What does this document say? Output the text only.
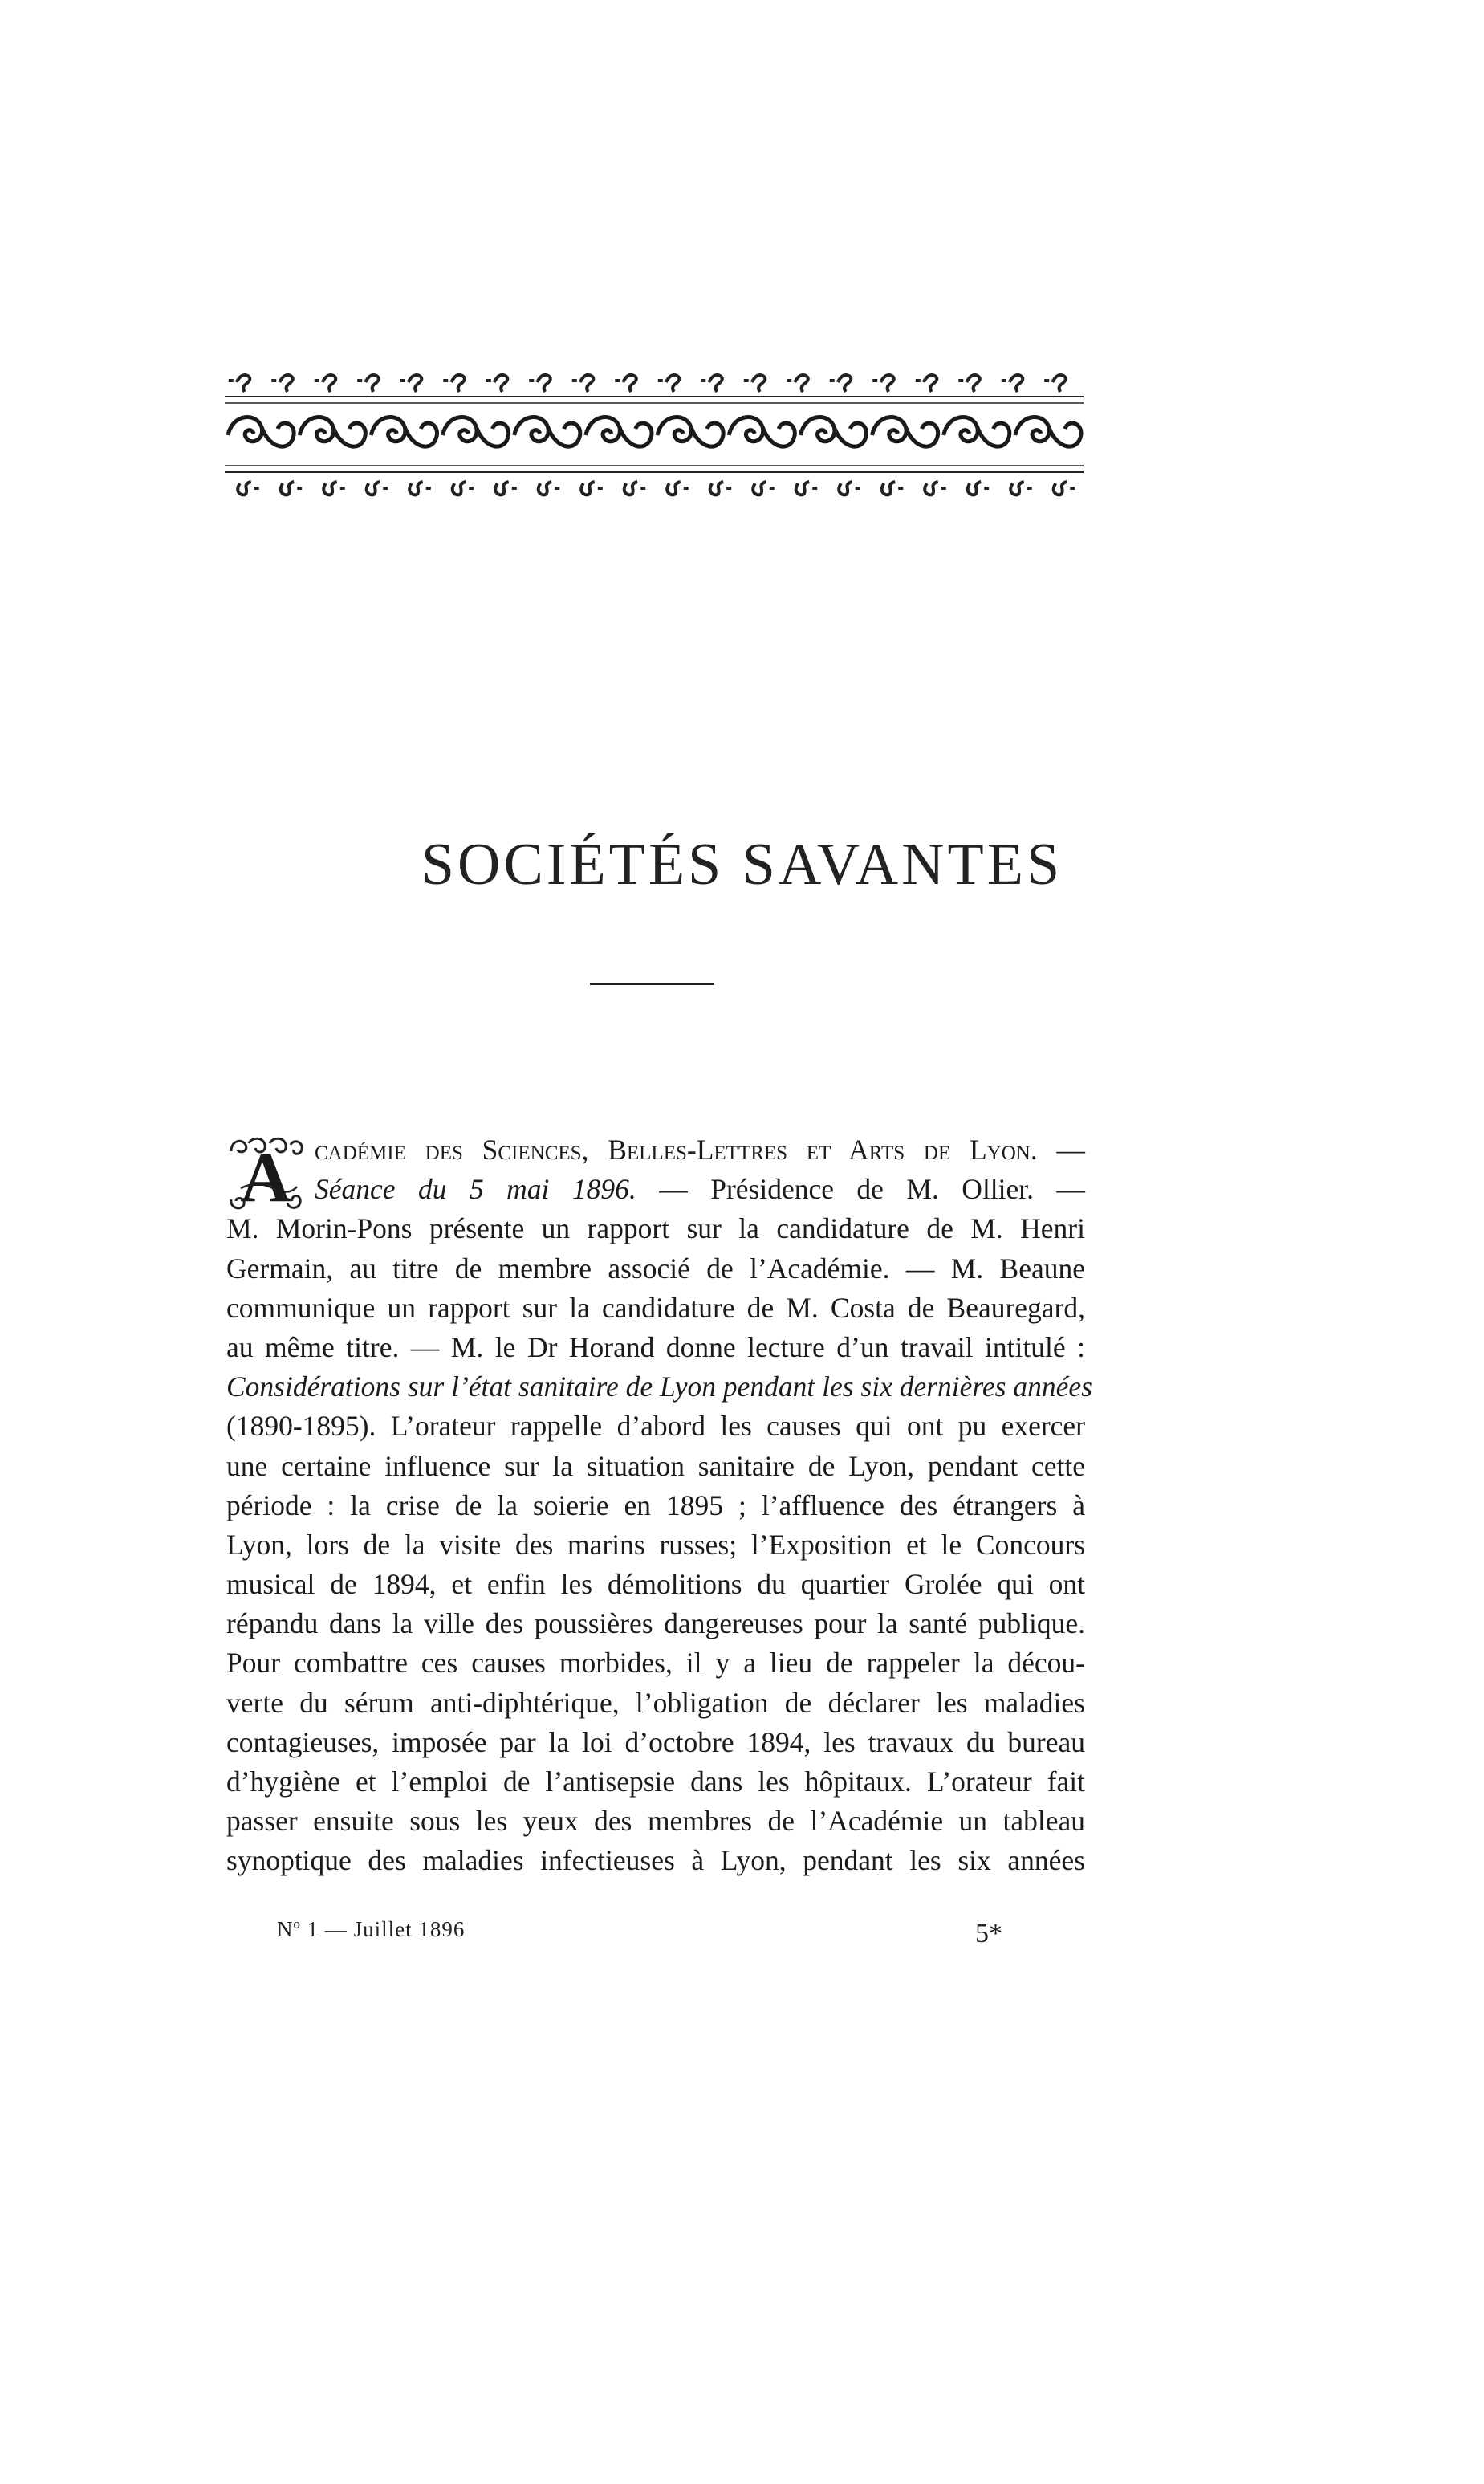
SOCIÉTÉS SAVANTES
A cadémie des Sciences, Belles-Lettres et Arts de Lyon. —
Séance du 5 mai 1896. — Présidence de M. Ollier. —
M. Morin-Pons présente un rapport sur la candidature de M. Henri
Germain, au titre de membre associé de l’Académie. — M. Beaune
communique un rapport sur la candidature de M. Costa de Beauregard,
au même titre. — M. le Dr Horand donne lecture d’un travail intitulé :
Considérations sur l’état sanitaire de Lyon pendant les six dernières années
(1890-1895). L’orateur rappelle d’abord les causes qui ont pu exercer
une certaine influence sur la situation sanitaire de Lyon, pendant cette
période : la crise de la soierie en 1895 ; l’affluence des étrangers à
Lyon, lors de la visite des marins russes; l’Exposition et le Concours
musical de 1894, et enfin les démolitions du quartier Grolée qui ont
répandu dans la ville des poussières dangereuses pour la santé publique.
Pour combattre ces causes morbides, il y a lieu de rappeler la décou-
verte du sérum anti-diphtérique, l’obligation de déclarer les maladies
contagieuses, imposée par la loi d’octobre 1894, les travaux du bureau
d’hygiène et l’emploi de l’antisepsie dans les hôpitaux. L’orateur fait
passer ensuite sous les yeux des membres de l’Académie un tableau
synoptique des maladies infectieuses à Lyon, pendant les six années
Nº 1 — Juillet 1896	5*
